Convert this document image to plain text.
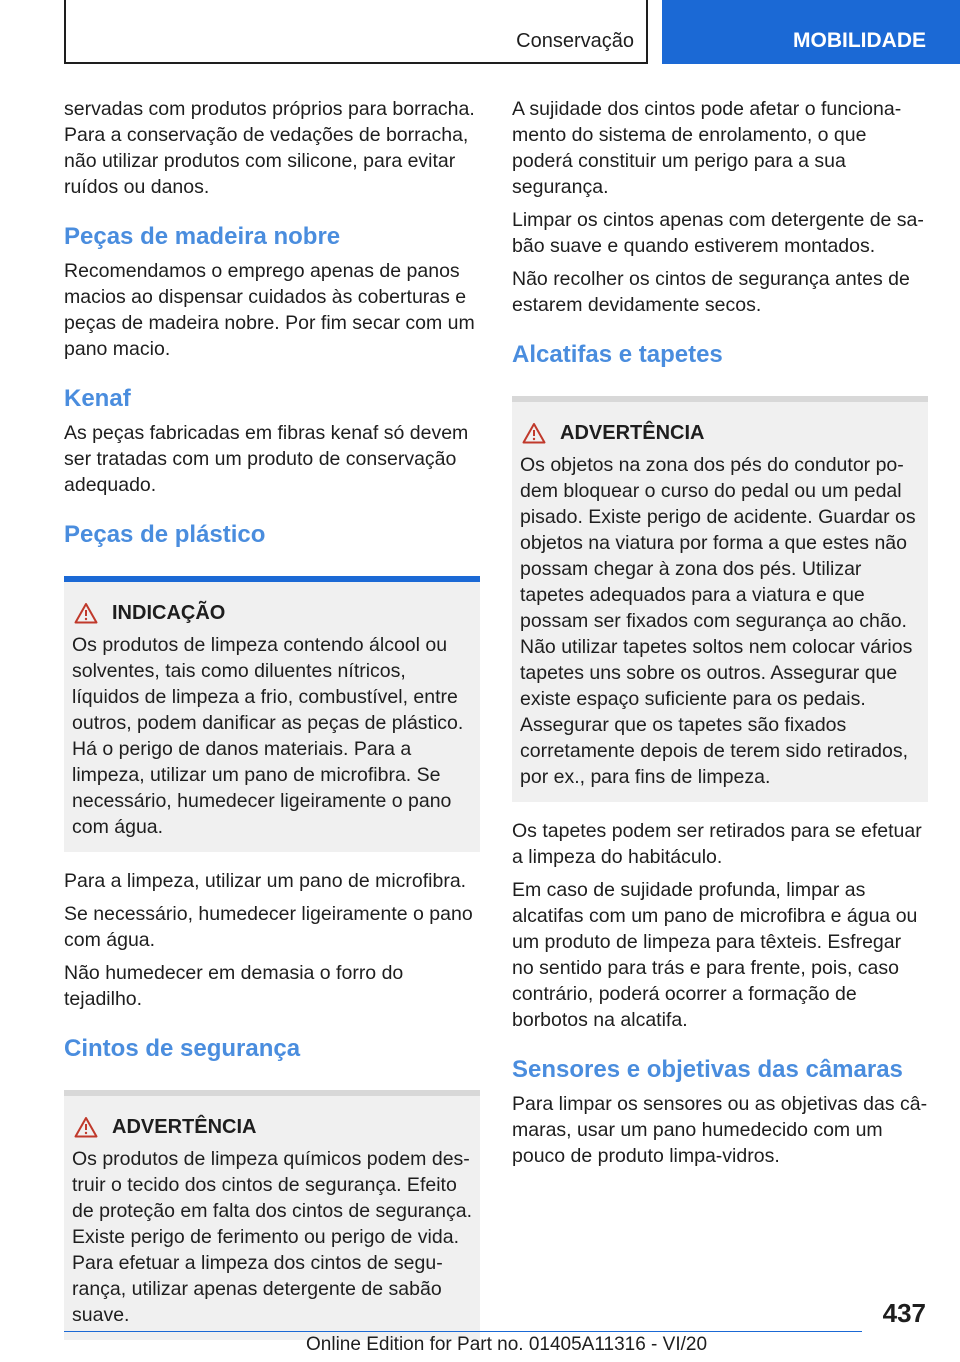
Conservação	MOBILIDADE

servadas com produtos próprios para borracha. Para a conservação de vedações de borracha, não utilizar produtos com silicone, para evitar ruídos ou danos.

Peças de madeira nobre

Recomendamos o emprego apenas de panos macios ao dispensar cuidados às coberturas e peças de madeira nobre. Por fim secar com um pano macio.

Kenaf

As peças fabricadas em fibras kenaf só devem ser tratadas com um produto de conservação adequado.

Peças de plástico
INDICAÇÃO

Os produtos de limpeza contendo álcool ou solventes, tais como diluentes nítricos, líquidos de limpeza a frio, combustível, entre outros, podem danificar as peças de plástico. Há o perigo de danos materiais. Para a limpeza, utilizar um pano de microfibra. Se necessário, humedecer ligeiramente o pano com água.

Para a limpeza, utilizar um pano de microfibra.

Se necessário, humedecer ligeiramente o pano com água.

Não humedecer em demasia o forro do tejadilho.

Cintos de segurança
ADVERTÊNCIA

Os produtos de limpeza químicos podem destruir o tecido dos cintos de segurança. Efeito de proteção em falta dos cintos de segurança. Existe perigo de ferimento ou perigo de vida. Para efetuar a limpeza dos cintos de segurança, utilizar apenas detergente de sabão suave.

A sujidade dos cintos pode afetar o funcionamento do sistema de enrolamento, o que poderá constituir um perigo para a sua segurança.

Limpar os cintos apenas com detergente de sabão suave e quando estiverem montados.

Não recolher os cintos de segurança antes de estarem devidamente secos.

Alcatifas e tapetes
ADVERTÊNCIA

Os objetos na zona dos pés do condutor podem bloquear o curso do pedal ou um pedal pisado. Existe perigo de acidente. Guardar os objetos na viatura por forma a que estes não possam chegar à zona dos pés. Utilizar tapetes adequados para a viatura e que possam ser fixados com segurança ao chão. Não utilizar tapetes soltos nem colocar vários tapetes uns sobre os outros. Assegurar que existe espaço suficiente para os pedais. Assegurar que os tapetes são fixados corretamente depois de terem sido retirados, por ex., para fins de limpeza.

Os tapetes podem ser retirados para se efetuar a limpeza do habitáculo.

Em caso de sujidade profunda, limpar as alcatifas com um pano de microfibra e água ou um produto de limpeza para têxteis. Esfregar no sentido para trás e para frente, pois, caso contrário, poderá ocorrer a formação de borbotos na alcatifa.

Sensores e objetivas das câmaras

Para limpar os sensores ou as objetivas das câmaras, usar um pano humedecido com um pouco de produto limpa-vidros.

437
Online Edition for Part no. 01405A11316 - VI/20
